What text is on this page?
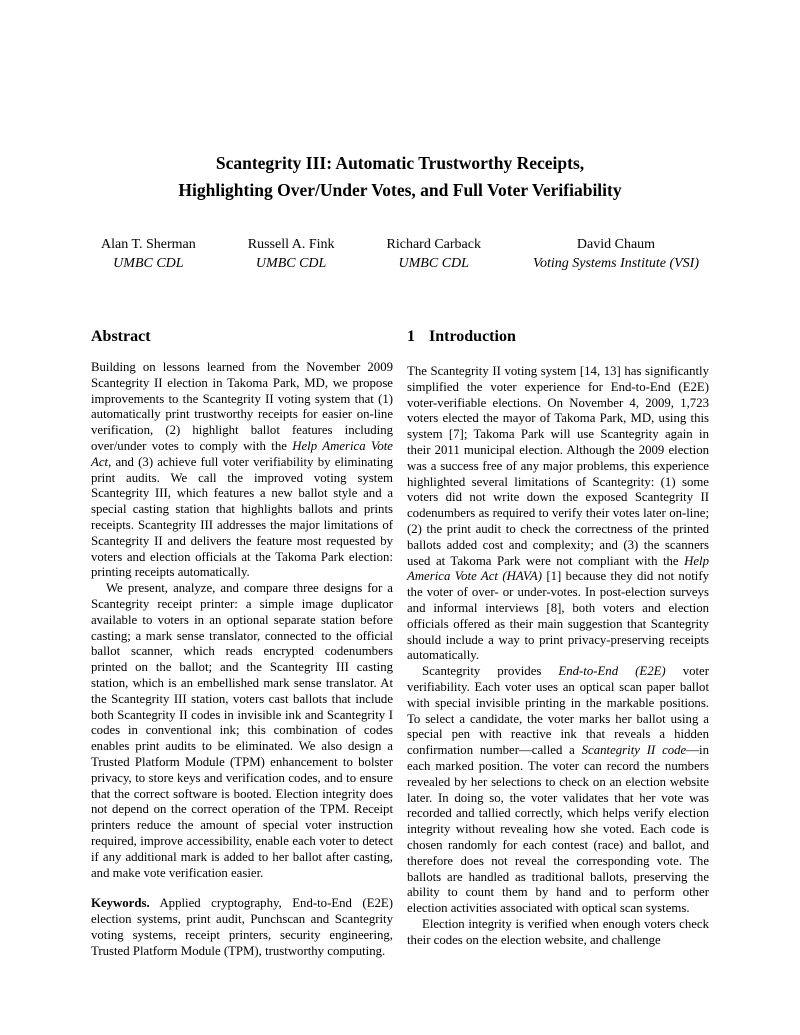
Scantegrity III: Automatic Trustworthy Receipts,
Highlighting Over/Under Votes, and Full Voter Verifiability
Alan T. Sherman
UMBC CDL
Russell A. Fink
UMBC CDL
Richard Carback
UMBC CDL
David Chaum
Voting Systems Institute (VSI)
Abstract

Building on lessons learned from the November 2009 Scantegrity II election in Takoma Park, MD, we propose improvements to the Scantegrity II voting system that (1) automatically print trustworthy receipts for easier on-line verification, (2) highlight ballot features including over/under votes to comply with the Help America Vote Act, and (3) achieve full voter verifiability by eliminating print audits. We call the improved voting system Scantegrity III, which features a new ballot style and a special casting station that highlights ballots and prints receipts. Scantegrity III addresses the major limitations of Scantegrity II and delivers the feature most requested by voters and election officials at the Takoma Park election: printing receipts automatically.

We present, analyze, and compare three designs for a Scantegrity receipt printer: a simple image duplicator available to voters in an optional separate station before casting; a mark sense translator, connected to the official ballot scanner, which reads encrypted codenumbers printed on the ballot; and the Scantegrity III casting station, which is an embellished mark sense translator. At the Scantegrity III station, voters cast ballots that include both Scantegrity II codes in invisible ink and Scantegrity I codes in conventional ink; this combination of codes enables print audits to be eliminated. We also design a Trusted Platform Module (TPM) enhancement to bolster privacy, to store keys and verification codes, and to ensure that the correct software is booted. Election integrity does not depend on the correct operation of the TPM. Receipt printers reduce the amount of special voter instruction required, improve accessibility, enable each voter to detect if any additional mark is added to her ballot after casting, and make vote verification easier.

Keywords. Applied cryptography, End-to-End (E2E) election systems, print audit, Punchscan and Scantegrity voting systems, receipt printers, security engineering, Trusted Platform Module (TPM), trustworthy computing.

1 Introduction

The Scantegrity II voting system [14, 13] has significantly simplified the voter experience for End-to-End (E2E) voter-verifiable elections. On November 4, 2009, 1,723 voters elected the mayor of Takoma Park, MD, using this system [7]; Takoma Park will use Scantegrity again in their 2011 municipal election. Although the 2009 election was a success free of any major problems, this experience highlighted several limitations of Scantegrity: (1) some voters did not write down the exposed Scantegrity II codenumbers as required to verify their votes later on-line; (2) the print audit to check the correctness of the printed ballots added cost and complexity; and (3) the scanners used at Takoma Park were not compliant with the Help America Vote Act (HAVA) [1] because they did not notify the voter of over- or under-votes. In post-election surveys and informal interviews [8], both voters and election officials offered as their main suggestion that Scantegrity should include a way to print privacy-preserving receipts automatically.

Scantegrity provides End-to-End (E2E) voter verifiability. Each voter uses an optical scan paper ballot with special invisible printing in the markable positions. To select a candidate, the voter marks her ballot using a special pen with reactive ink that reveals a hidden confirmation number—called a Scantegrity II code—in each marked position. The voter can record the numbers revealed by her selections to check on an election website later. In doing so, the voter validates that her vote was recorded and tallied correctly, which helps verify election integrity without revealing how she voted. Each code is chosen randomly for each contest (race) and ballot, and therefore does not reveal the corresponding vote. The ballots are handled as traditional ballots, preserving the ability to count them by hand and to perform other election activities associated with optical scan systems.

Election integrity is verified when enough voters check their codes on the election website, and challenge
